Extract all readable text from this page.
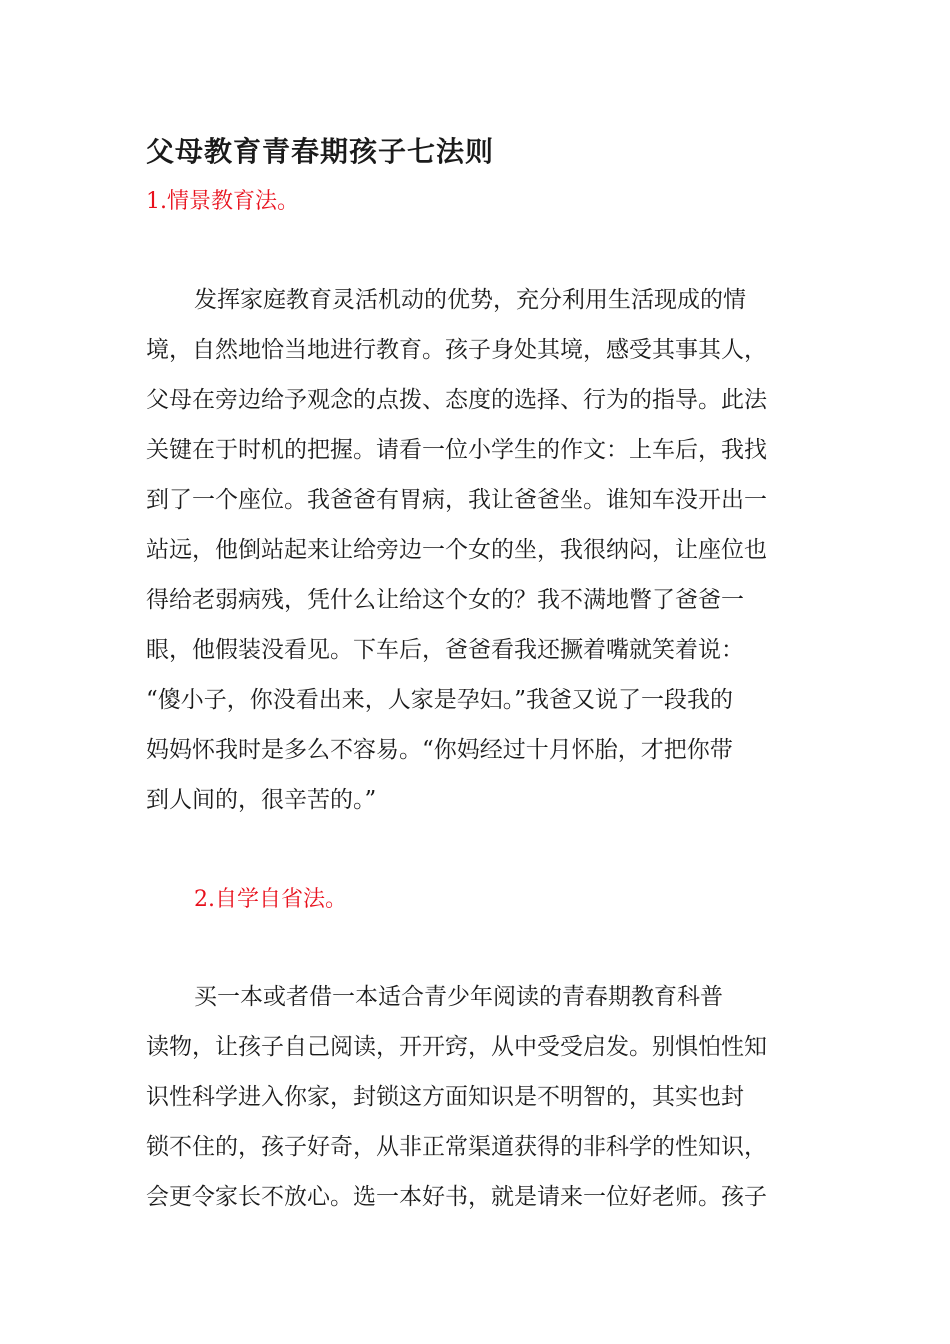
父母教育青春期孩子七法则
1.情景教育法。
发挥家庭教育灵活机动的优势，充分利用生活现成的情
境，自然地恰当地进行教育。孩子身处其境，感受其事其人，
父母在旁边给予观念的点拨、态度的选择、行为的指导。此法
关键在于时机的把握。请看一位小学生的作文：上车后，我找
到了一个座位。我爸爸有胃病，我让爸爸坐。谁知车没开出一
站远，他倒站起来让给旁边一个女的坐，我很纳闷，让座位也
得给老弱病残，凭什么让给这个女的？我不满地瞥了爸爸一
眼，他假装没看见。下车后，爸爸看我还撅着嘴就笑着说：
“傻小子，你没看出来，人家是孕妇。”我爸又说了一段我的
妈妈怀我时是多么不容易。“你妈经过十月怀胎，才把你带
到人间的，很辛苦的。”
2.自学自省法。
买一本或者借一本适合青少年阅读的青春期教育科普
读物，让孩子自己阅读，开开窍，从中受受启发。别惧怕性知
识性科学进入你家，封锁这方面知识是不明智的，其实也封
锁不住的，孩子好奇，从非正常渠道获得的非科学的性知识，
会更令家长不放心。选一本好书，就是请来一位好老师。孩子
